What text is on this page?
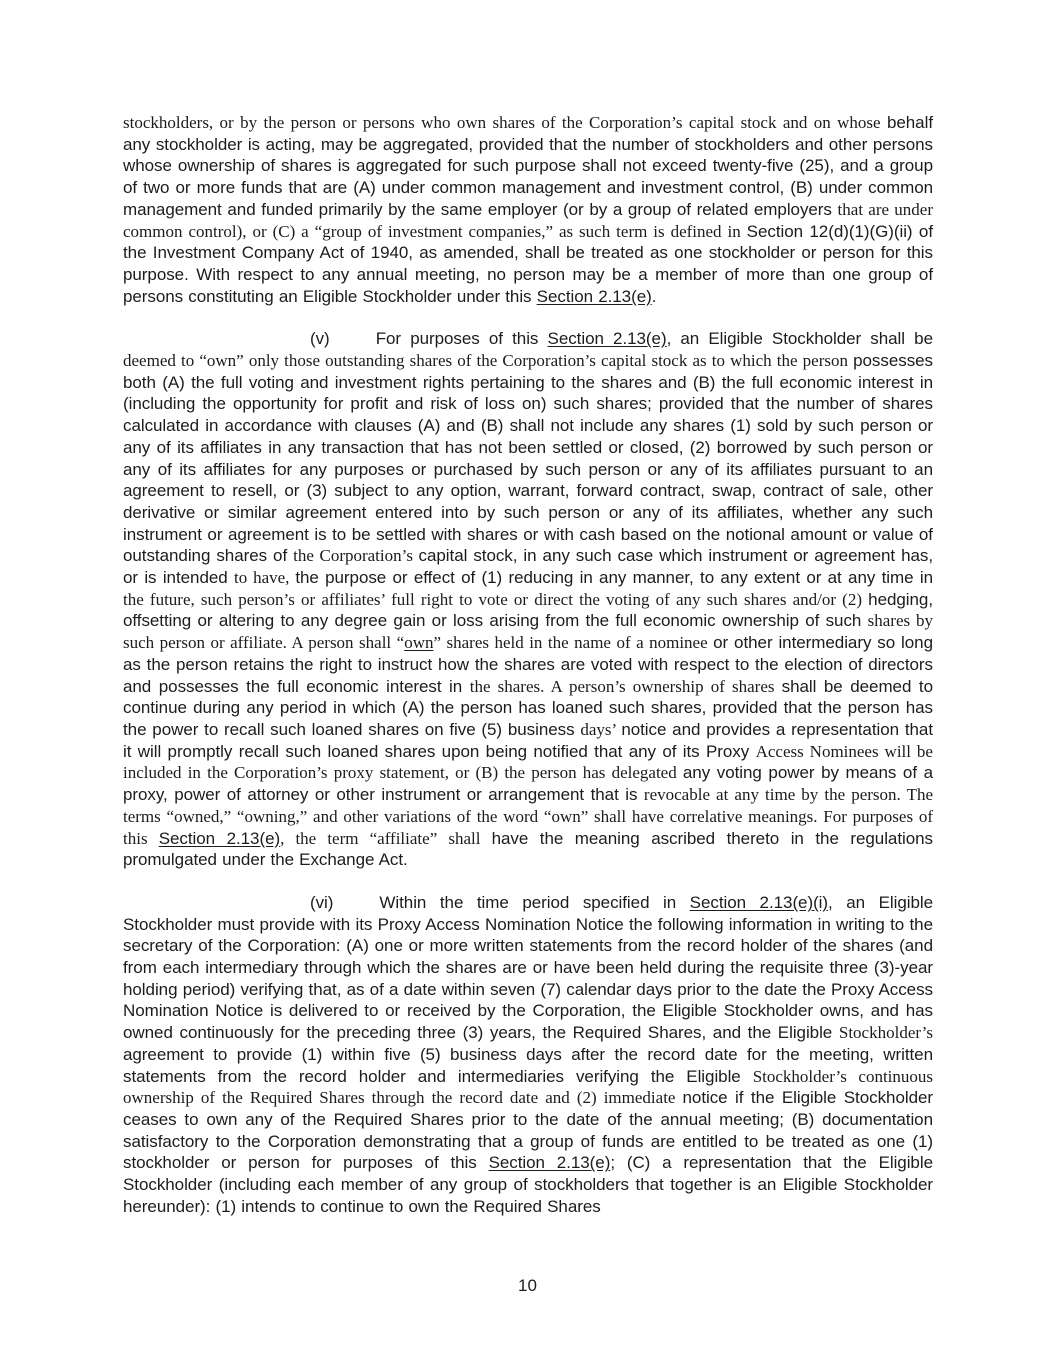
stockholders, or by the person or persons who own shares of the Corporation’s capital stock and on whose behalf any stockholder is acting, may be aggregated, provided that the number of stockholders and other persons whose ownership of shares is aggregated for such purpose shall not exceed twenty-five (25), and a group of two or more funds that are (A) under common management and investment control, (B) under common management and funded primarily by the same employer (or by a group of related employers that are under common control), or (C) a “group of investment companies,” as such term is defined in Section 12(d)(1)(G)(ii) of the Investment Company Act of 1940, as amended, shall be treated as one stockholder or person for this purpose. With respect to any annual meeting, no person may be a member of more than one group of persons constituting an Eligible Stockholder under this Section 2.13(e).

(v)	For purposes of this Section 2.13(e), an Eligible Stockholder shall be deemed to “own” only those outstanding shares of the Corporation’s capital stock as to which the person possesses both (A) the full voting and investment rights pertaining to the shares and (B) the full economic interest in (including the opportunity for profit and risk of loss on) such shares; provided that the number of shares calculated in accordance with clauses (A) and (B) shall not include any shares (1) sold by such person or any of its affiliates in any transaction that has not been settled or closed, (2) borrowed by such person or any of its affiliates for any purposes or purchased by such person or any of its affiliates pursuant to an agreement to resell, or (3) subject to any option, warrant, forward contract, swap, contract of sale, other derivative or similar agreement entered into by such person or any of its affiliates, whether any such instrument or agreement is to be settled with shares or with cash based on the notional amount or value of outstanding shares of the Corporation’s capital stock, in any such case which instrument or agreement has, or is intended to have, the purpose or effect of (1) reducing in any manner, to any extent or at any time in the future, such person’s or affiliates’ full right to vote or direct the voting of any such shares and/or (2) hedging, offsetting or altering to any degree gain or loss arising from the full economic ownership of such shares by such person or affiliate. A person shall “own” shares held in the name of a nominee or other intermediary so long as the person retains the right to instruct how the shares are voted with respect to the election of directors and possesses the full economic interest in the shares. A person’s ownership of shares shall be deemed to continue during any period in which (A) the person has loaned such shares, provided that the person has the power to recall such loaned shares on five (5) business days’ notice and provides a representation that it will promptly recall such loaned shares upon being notified that any of its Proxy Access Nominees will be included in the Corporation’s proxy statement, or (B) the person has delegated any voting power by means of a proxy, power of attorney or other instrument or arrangement that is revocable at any time by the person. The terms “owned,” “owning,” and other variations of the word “own” shall have correlative meanings. For purposes of this Section 2.13(e), the term “affiliate” shall have the meaning ascribed thereto in the regulations promulgated under the Exchange Act.

(vi)	Within the time period specified in Section 2.13(e)(i), an Eligible Stockholder must provide with its Proxy Access Nomination Notice the following information in writing to the secretary of the Corporation: (A) one or more written statements from the record holder of the shares (and from each intermediary through which the shares are or have been held during the requisite three (3)-year holding period) verifying that, as of a date within seven (7) calendar days prior to the date the Proxy Access Nomination Notice is delivered to or received by the Corporation, the Eligible Stockholder owns, and has owned continuously for the preceding three (3) years, the Required Shares, and the Eligible Stockholder’s agreement to provide (1) within five (5) business days after the record date for the meeting, written statements from the record holder and intermediaries verifying the Eligible Stockholder’s continuous ownership of the Required Shares through the record date and (2) immediate notice if the Eligible Stockholder ceases to own any of the Required Shares prior to the date of the annual meeting; (B) documentation satisfactory to the Corporation demonstrating that a group of funds are entitled to be treated as one (1) stockholder or person for purposes of this Section 2.13(e); (C) a representation that the Eligible Stockholder (including each member of any group of stockholders that together is an Eligible Stockholder hereunder): (1) intends to continue to own the Required Shares

10
